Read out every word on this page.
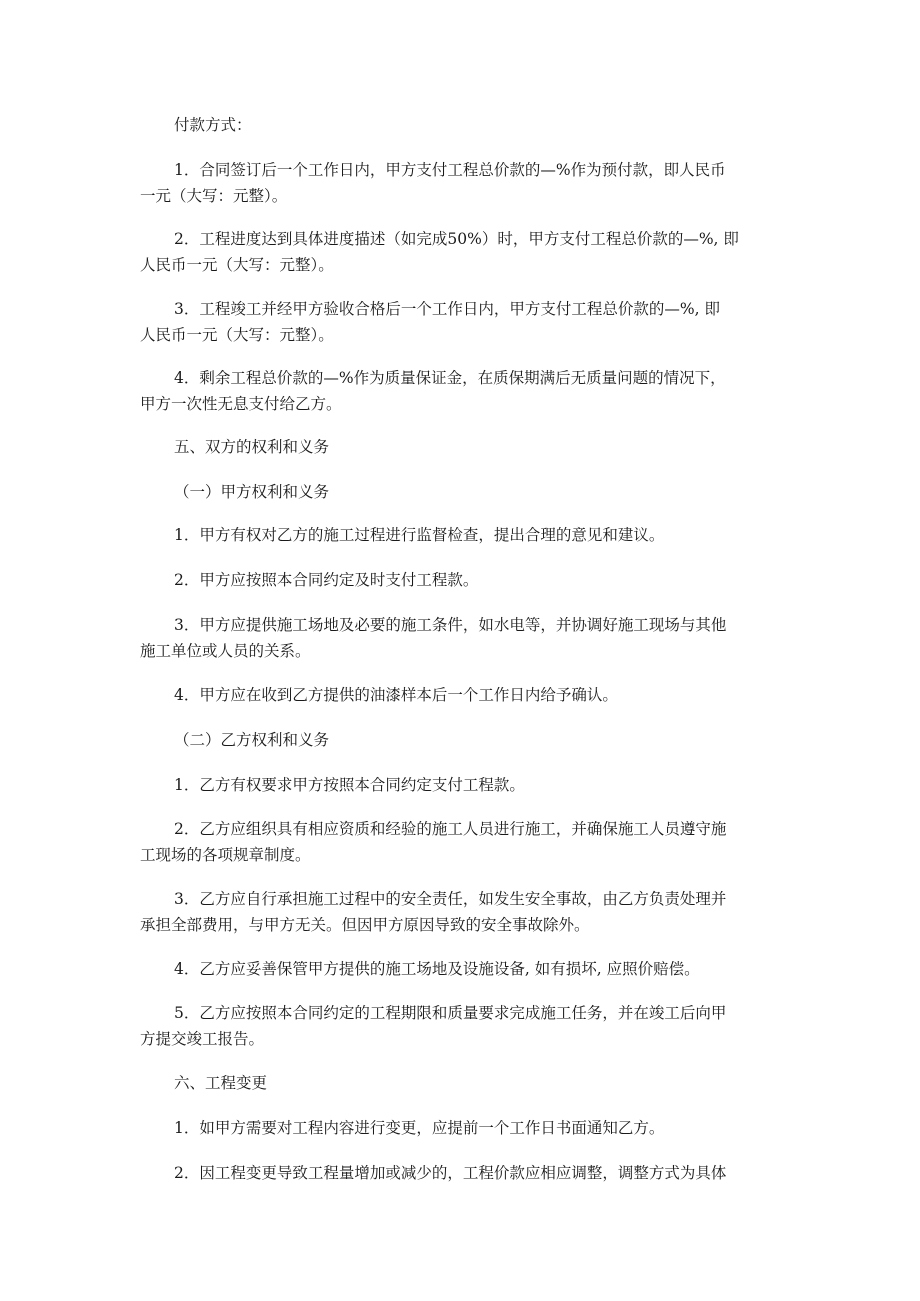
付款方式：

1．合同签订后一个工作日内，甲方支付工程总价款的—%作为预付款，即人民币
一元（大写：元整）。

2．工程进度达到具体进度描述（如完成50%）时，甲方支付工程总价款的—%, 即
人民币一元（大写：元整）。

3．工程竣工并经甲方验收合格后一个工作日内，甲方支付工程总价款的—%, 即
人民币一元（大写：元整）。

4．剩余工程总价款的—%作为质量保证金，在质保期满后无质量问题的情况下，
甲方一次性无息支付给乙方。

五、双方的权利和义务

（一）甲方权利和义务

1．甲方有权对乙方的施工过程进行监督检查，提出合理的意见和建议。

2．甲方应按照本合同约定及时支付工程款。

3．甲方应提供施工场地及必要的施工条件，如水电等，并协调好施工现场与其他
施工单位或人员的关系。

4．甲方应在收到乙方提供的油漆样本后一个工作日内给予确认。

（二）乙方权利和义务

1．乙方有权要求甲方按照本合同约定支付工程款。

2．乙方应组织具有相应资质和经验的施工人员进行施工，并确保施工人员遵守施
工现场的各项规章制度。

3．乙方应自行承担施工过程中的安全责任，如发生安全事故，由乙方负责处理并
承担全部费用，与甲方无关。但因甲方原因导致的安全事故除外。

4．乙方应妥善保管甲方提供的施工场地及设施设备, 如有损坏, 应照价赔偿。

5．乙方应按照本合同约定的工程期限和质量要求完成施工任务，并在竣工后向甲
方提交竣工报告。

六、工程变更

1．如甲方需要对工程内容进行变更，应提前一个工作日书面通知乙方。

2．因工程变更导致工程量增加或减少的，工程价款应相应调整，调整方式为具体
